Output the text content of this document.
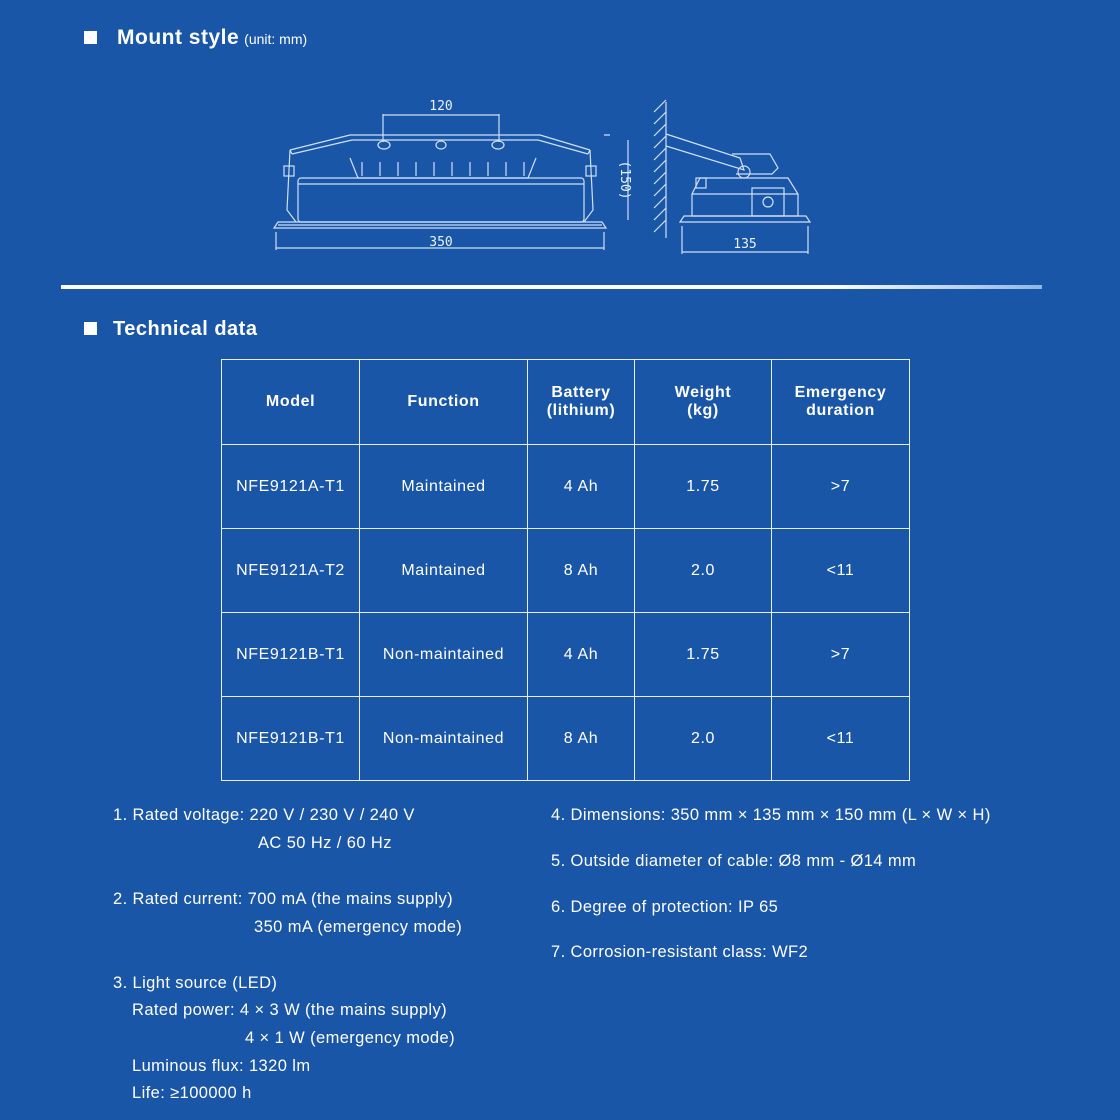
Mount style (unit: mm)
120
350
(150)
135
Technical data
Model	Function	Battery (lithium)	Weight (kg)	Emergency duration
NFE9121A-T1	Maintained	4 Ah	1.75	>7
NFE9121A-T2	Maintained	8 Ah	2.0	<11
NFE9121B-T1	Non-maintained	4 Ah	1.75	>7
NFE9121B-T1	Non-maintained	8 Ah	2.0	<11
1. Rated voltage: 220 V / 230 V / 240 V
AC 50 Hz / 60 Hz
2. Rated current: 700 mA (the mains supply)
350 mA (emergency mode)
3. Light source (LED)
Rated power: 4 × 3 W (the mains supply)
4 × 1 W (emergency mode)
Luminous flux: 1320 lm
Life: ≥100000 h
4. Dimensions: 350 mm × 135 mm × 150 mm (L × W × H)
5. Outside diameter of cable: Ø8 mm - Ø14 mm
6. Degree of protection: IP 65
7. Corrosion-resistant class: WF2
